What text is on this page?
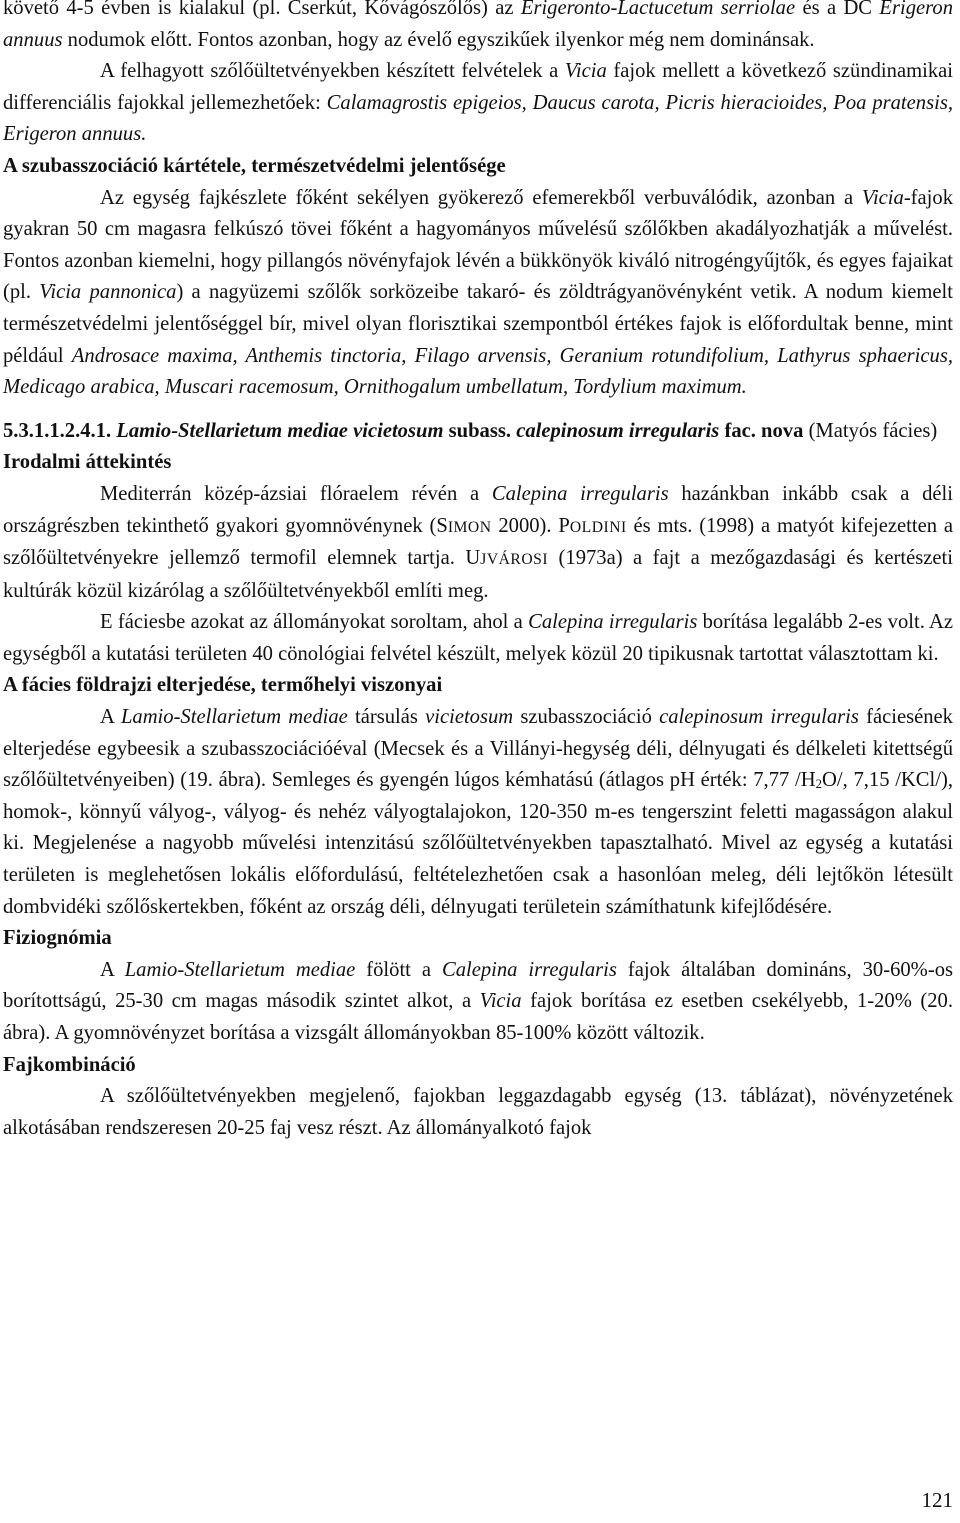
követő 4-5 évben is kialakul (pl. Cserkút, Kővágószőlős) az Erigeronto-Lactucetum serriolae és a DC Erigeron annuus nodumok előtt. Fontos azonban, hogy az évelő egyszikűek ilyenkor még nem dominánsak.

A felhagyott szőlőültetvényekben készített felvételek a Vicia fajok mellett a következő szündinamikai differenciális fajokkal jellemezhetőek: Calamagrostis epigeios, Daucus carota, Picris hieracioides, Poa pratensis, Erigeron annuus.

A szubasszociáció kártétele, természetvédelmi jelentősége

Az egység fajkészlete főként sekélyen gyökerező efemerekből verbuválódik, azonban a Vicia-fajok gyakran 50 cm magasra felkúszó tövei főként a hagyományos művelésű szőlőkben akadályozhatják a művelést. Fontos azonban kiemelni, hogy pillangós növényfajok lévén a bükkönyök kiváló nitrogéngyűjtők, és egyes fajaikat (pl. Vicia pannonica) a nagyüzemi szőlők sorközeibe takaró- és zöldtrágyanövényként vetik. A nodum kiemelt természetvédelmi jelentőséggel bír, mivel olyan florisztikai szempontból értékes fajok is előfordultak benne, mint például Androsace maxima, Anthemis tinctoria, Filago arvensis, Geranium rotundifolium, Lathyrus sphaericus, Medicago arabica, Muscari racemosum, Ornithogalum umbellatum, Tordylium maximum.

5.3.1.1.2.4.1. Lamio-Stellarietum mediae vicietosum subass. calepinosum irregularis fac. nova (Matyós fácies)

Irodalmi áttekintés

Mediterrán közép-ázsiai flóraelem révén a Calepina irregularis hazánkban inkább csak a déli országrészben tekinthető gyakori gyomnövénynek (SIMON 2000). POLDINI és mts. (1998) a matyót kifejezetten a szőlőültetvényekre jellemző termofil elemnek tartja. UJVÁROSI (1973a) a fajt a mezőgazdasági és kertészeti kultúrák közül kizárólag a szőlőültetvényekből említi meg.

E fáciesbe azokat az állományokat soroltam, ahol a Calepina irregularis borítása legalább 2-es volt. Az egységből a kutatási területen 40 cönológiai felvétel készült, melyek közül 20 tipikusnak tartottat választottam ki.

A fácies földrajzi elterjedése, termőhelyi viszonyai

A Lamio-Stellarietum mediae társulás vicietosum szubasszociáció calepinosum irregularis fáciesének elterjedése egybeesik a szubasszociációéval (Mecsek és a Villányi-hegység déli, délnyugati és délkeleti kitettségű szőlőültetvényeiben) (19. ábra). Semleges és gyengén lúgos kémhatású (átlagos pH érték: 7,77 $/H_2O/$, 7,15 /KCl/), homok-, könnyű vályog-, vályog- és nehéz vályogtalajokon, 120-350 m-es tengerszint feletti magasságon alakul ki. Megjelenése a nagyobb művelési intenzitású szőlőültetvényekben tapasztalható. Mivel az egység a kutatási területen is meglehetősen lokális előfordulású, feltételezhetően csak a hasonlóan meleg, déli lejtőkön létesült dombvidéki szőlőskertekben, főként az ország déli, délnyugati területein számíthatunk kifejlődésére.

Fiziognómia

A Lamio-Stellarietum mediae fölött a Calepina irregularis fajok általában domináns, 30-60%-os borítottságú, 25-30 cm magas második szintet alkot, a Vicia fajok borítása ez esetben csekélyebb, 1-20% (20. ábra). A gyomnövényzet borítása a vizsgált állományokban 85-100% között változik.

Fajkombináció

A szőlőültetvényekben megjelenő, fajokban leggazdagabb egység (13. táblázat), növényzetének alkotásában rendszeresen 20-25 faj vesz részt. Az állományalkotó fajok

121
